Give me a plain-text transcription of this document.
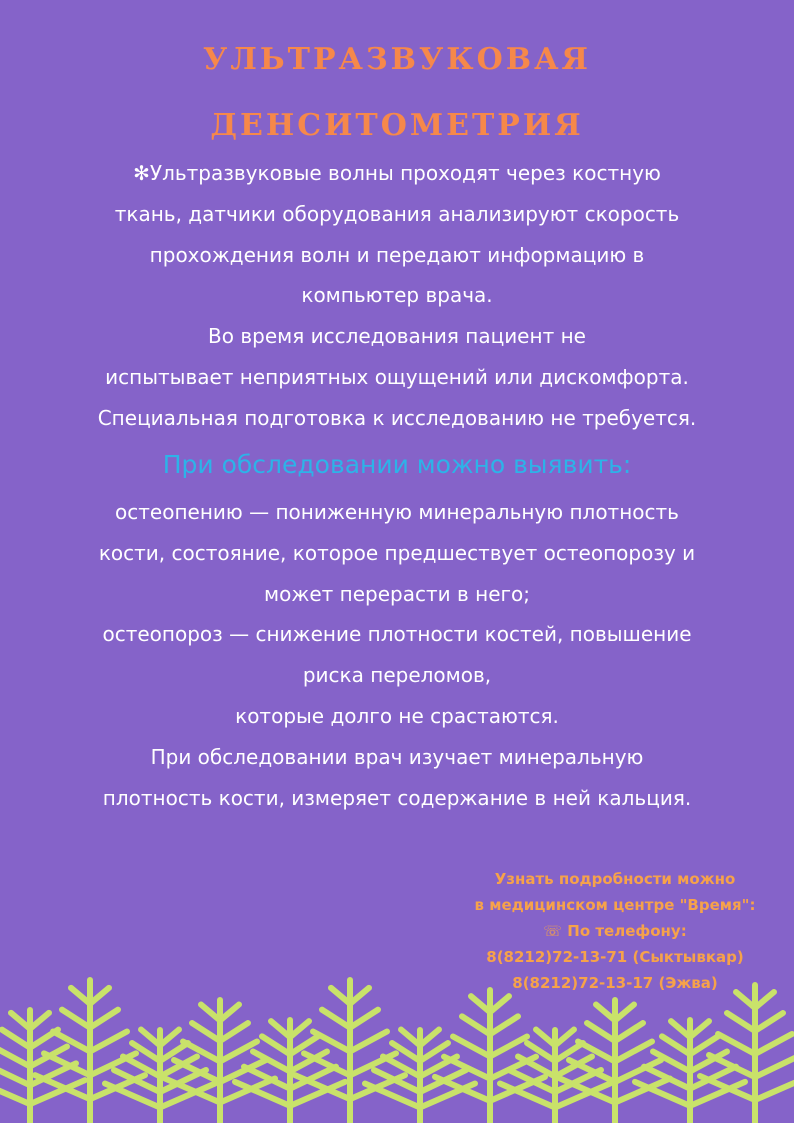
УЛЬТРАЗВУКОВАЯ
ДЕНСИТОМЕТРИЯ
✻Ультразвуковые волны проходят через костную
ткань, датчики оборудования анализируют скорость
прохождения волн и передают информацию в
компьютер врача.
Во время исследования пациент не
испытывает неприятных ощущений или дискомфорта.
Специальная подготовка к исследованию не требуется.
При обследовании можно выявить:
остеопению — пониженную минеральную плотность
кости, состояние, которое предшествует остеопорозу и
может перерасти в него;
остеопороз — снижение плотности костей, повышение
риска переломов,
которые долго не срастаются.
При обследовании врач изучает минеральную
плотность кости, измеряет содержание в ней кальция.
Узнать подробности можно
в медицинском центре "Время":
☏ По телефону:
8(8212)72-13-71 (Сыктывкар)
8(8212)72-13-17 (Эжва)
